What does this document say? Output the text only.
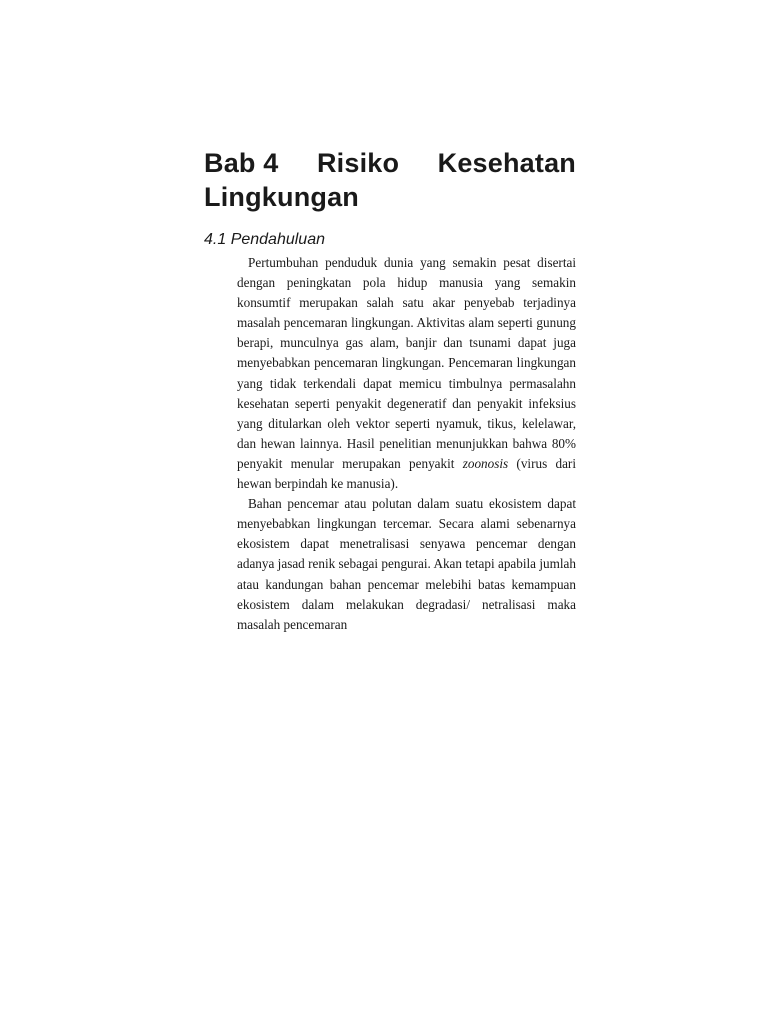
Bab 4 Risiko Kesehatan
Lingkungan
4.1 Pendahuluan

Pertumbuhan penduduk dunia yang semakin pesat disertai dengan peningkatan pola hidup manusia yang semakin konsumtif merupakan salah satu akar penyebab terjadinya masalah pencemaran lingkungan. Aktivitas alam seperti gunung berapi, munculnya gas alam, banjir dan tsunami dapat juga menyebabkan pencemaran lingkungan. Pencemaran lingkungan yang tidak terkendali dapat memicu timbulnya permasalahn kesehatan seperti penyakit degeneratif dan penyakit infeksius yang ditularkan oleh vektor seperti nyamuk, tikus, kelelawar, dan hewan lainnya. Hasil penelitian menunjukkan bahwa 80% penyakit menular merupakan penyakit zoonosis (virus dari hewan berpindah ke manusia).

Bahan pencemar atau polutan dalam suatu ekosistem dapat menyebabkan lingkungan tercemar. Secara alami sebenarnya ekosistem dapat menetralisasi senyawa pencemar dengan adanya jasad renik sebagai pengurai. Akan tetapi apabila jumlah atau kandungan bahan pencemar melebihi batas kemampuan ekosistem dalam melakukan degradasi/ netralisasi maka masalah pencemaran
